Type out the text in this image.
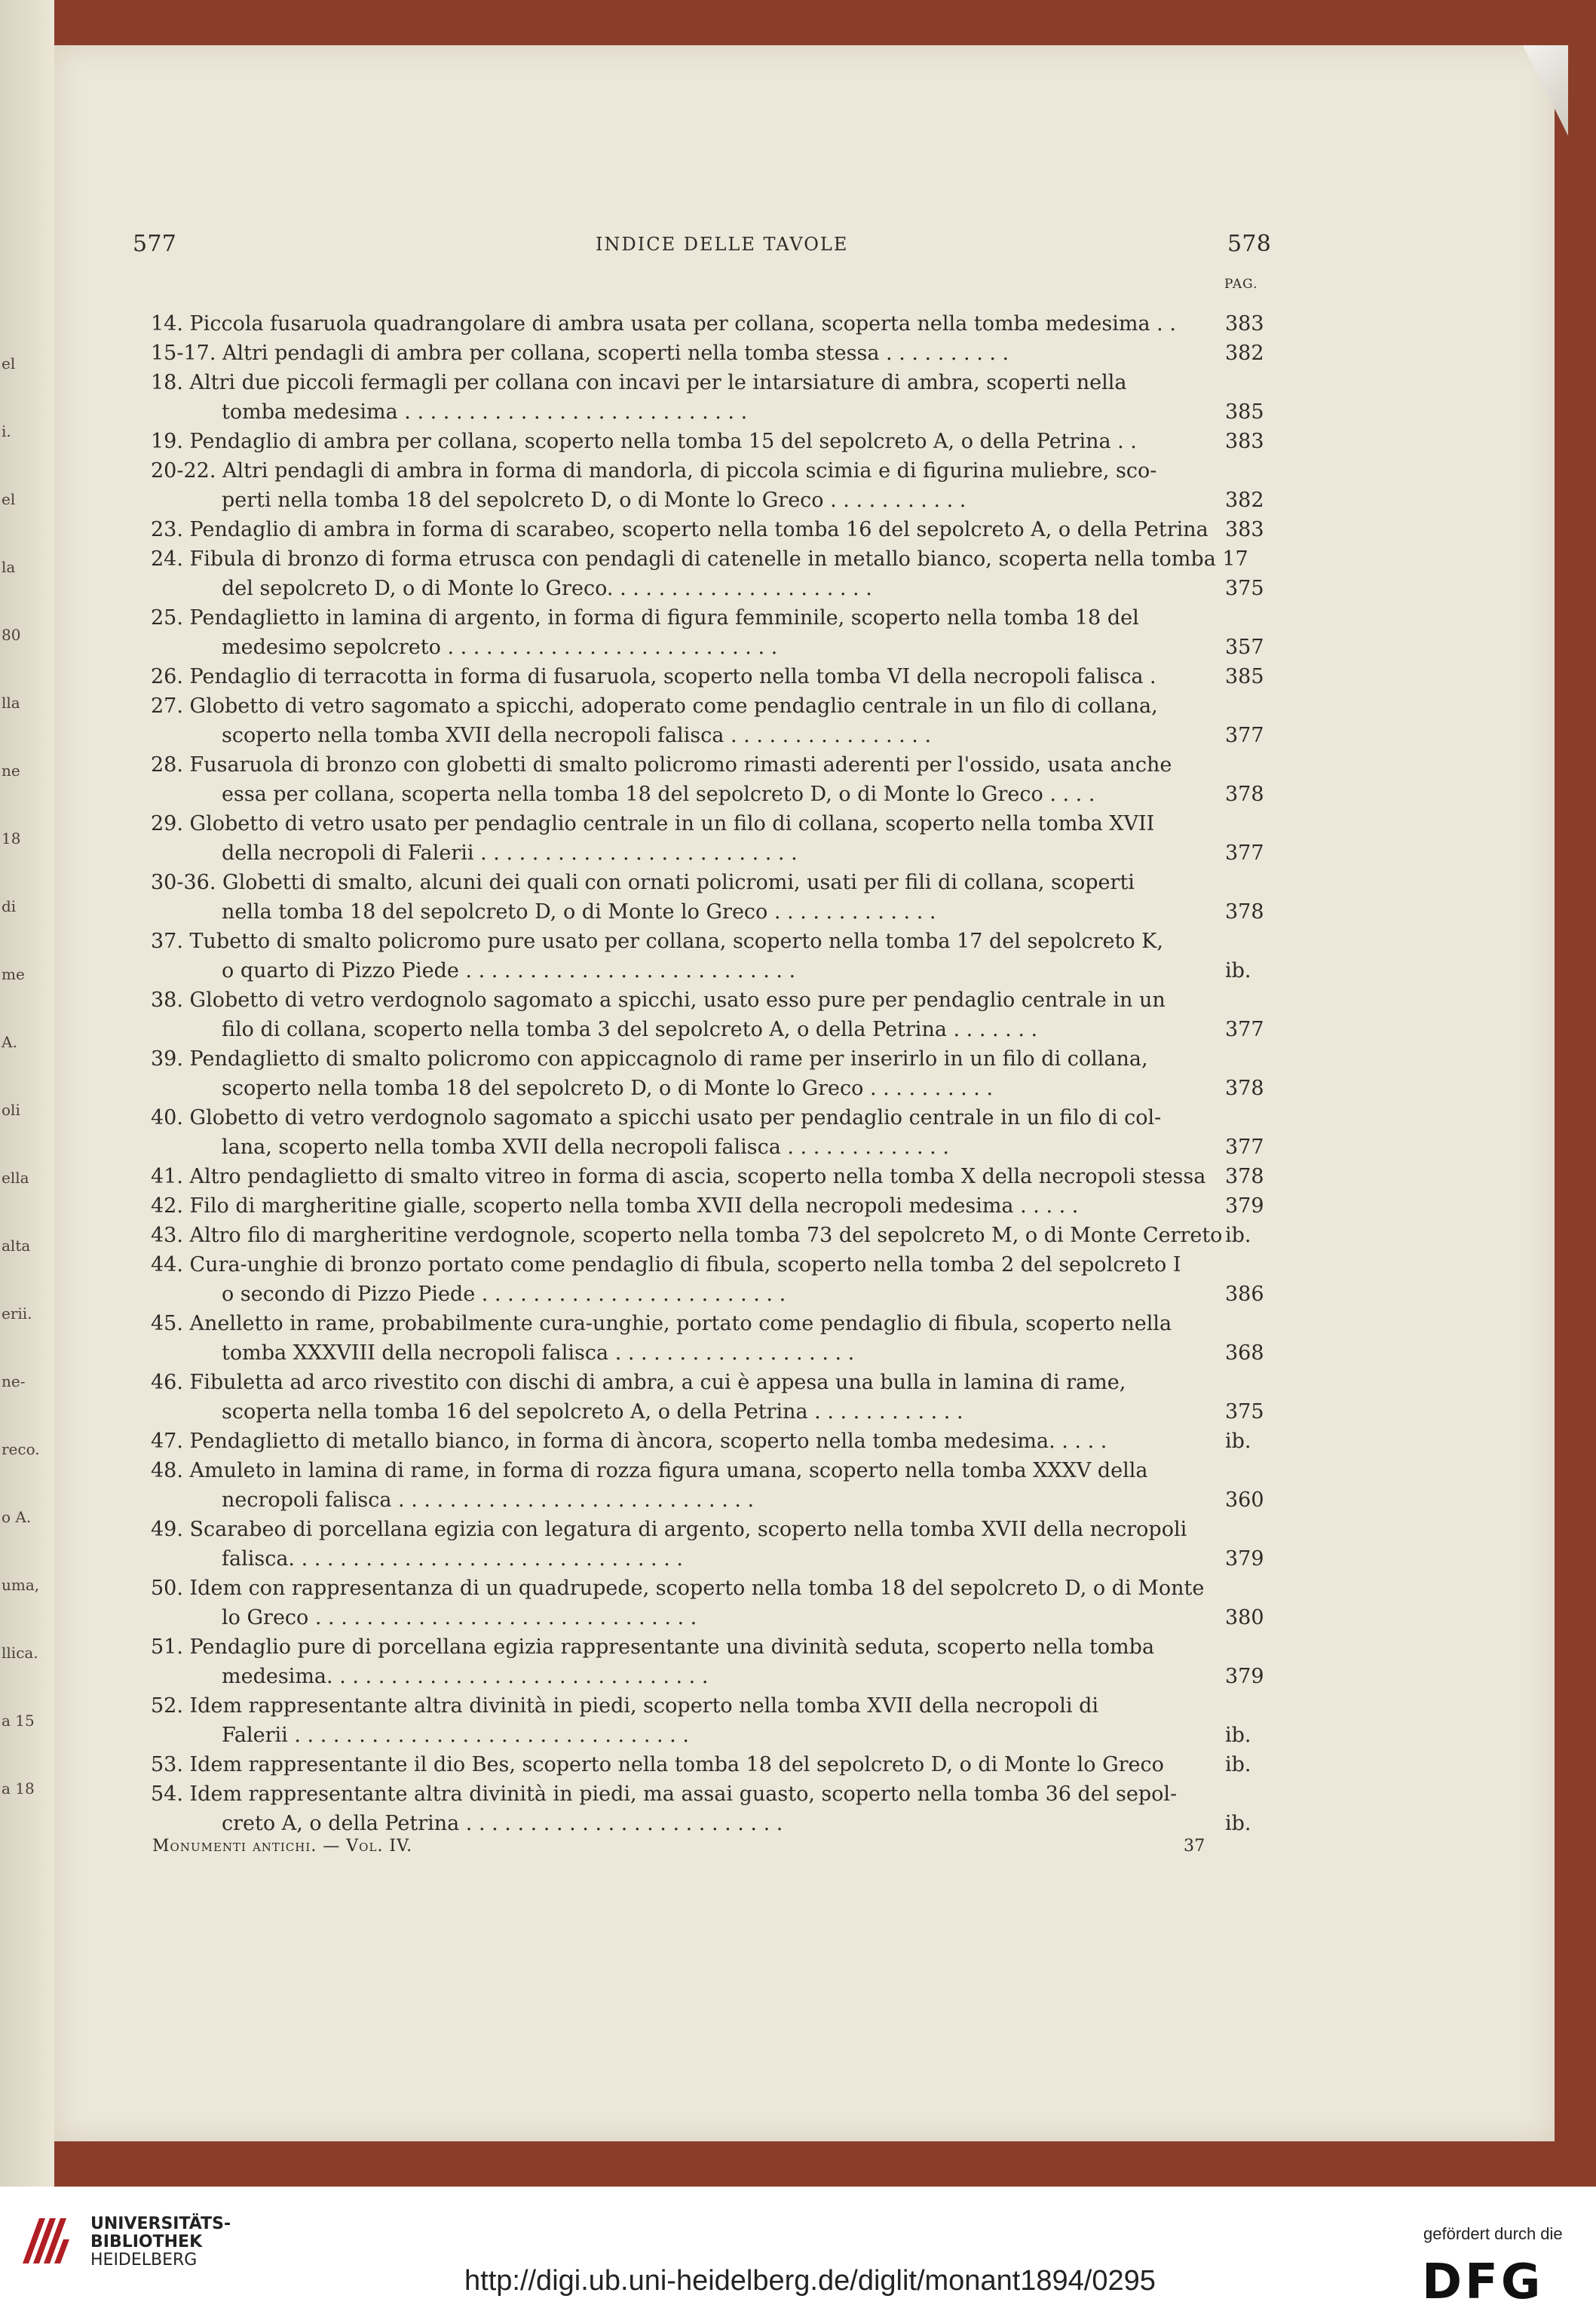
el
i.
el
la
80
lla
ne
18
di
me
A.
oli
ella
alta
erii.
ne-
reco.
o A.
uma,
llica.
a 15
a 18
577	INDICE DELLE TAVOLE	578
PAG.
14. Piccola fusaruola quadrangolare di ambra usata per collana, scoperta nella tomba medesima . . 383
15-17. Altri pendagli di ambra per collana, scoperti nella tomba stessa . . . . . . . . . .	382
18. Altri due piccoli fermagli per collana con incavi per le intarsiature di ambra, scoperti nella
tomba medesima . . . . . . . . . . . . . . . . . . . . . . . . . . .	385
19. Pendaglio di ambra per collana, scoperto nella tomba 15 del sepolcreto A, o della Petrina . .	383
20-22. Altri pendagli di ambra in forma di mandorla, di piccola scimia e di figurina muliebre, sco-
perti nella tomba 18 del sepolcreto D, o di Monte lo Greco . . . . . . . . . . .	382
23. Pendaglio di ambra in forma di scarabeo, scoperto nella tomba 16 del sepolcreto A, o della Petrina 383
24. Fibula di bronzo di forma etrusca con pendagli di catenelle in metallo bianco, scoperta nella tomba 17
del sepolcreto D, o di Monte lo Greco. . . . . . . . . . . . . . . . . . . . .	375
25. Pendaglietto in lamina di argento, in forma di figura femminile, scoperto nella tomba 18 del
medesimo sepolcreto . . . . . . . . . . . . . . . . . . . . . . . . . .	357
26. Pendaglio di terracotta in forma di fusaruola, scoperto nella tomba VI della necropoli falisca .	385
27. Globetto di vetro sagomato a spicchi, adoperato come pendaglio centrale in un filo di collana,
scoperto nella tomba XVII della necropoli falisca . . . . . . . . . . . . . . . .	377
28. Fusaruola di bronzo con globetti di smalto policromo rimasti aderenti per l'ossido, usata anche
essa per collana, scoperta nella tomba 18 del sepolcreto D, o di Monte lo Greco . . . .	378
29. Globetto di vetro usato per pendaglio centrale in un filo di collana, scoperto nella tomba XVII
della necropoli di Falerii . . . . . . . . . . . . . . . . . . . . . . . . .	377
30-36. Globetti di smalto, alcuni dei quali con ornati policromi, usati per fili di collana, scoperti
nella tomba 18 del sepolcreto D, o di Monte lo Greco . . . . . . . . . . . . .	378
37. Tubetto di smalto policromo pure usato per collana, scoperto nella tomba 17 del sepolcreto K,
o quarto di Pizzo Piede . . . . . . . . . . . . . . . . . . . . . . . . . .	ib.
38. Globetto di vetro verdognolo sagomato a spicchi, usato esso pure per pendaglio centrale in un
filo di collana, scoperto nella tomba 3 del sepolcreto A, o della Petrina . . . . . . .	377
39. Pendaglietto di smalto policromo con appiccagnolo di rame per inserirlo in un filo di collana,
scoperto nella tomba 18 del sepolcreto D, o di Monte lo Greco . . . . . . . . . .	378
40. Globetto di vetro verdognolo sagomato a spicchi usato per pendaglio centrale in un filo di col-
lana, scoperto nella tomba XVII della necropoli falisca . . . . . . . . . . . . .	377
41. Altro pendaglietto di smalto vitreo in forma di ascia, scoperto nella tomba X della necropoli stessa 378
42. Filo di margheritine gialle, scoperto nella tomba XVII della necropoli medesima . . . . .	379
43. Altro filo di margheritine verdognole, scoperto nella tomba 73 del sepolcreto M, o di Monte Cerreto ib.
44. Cura-unghie di bronzo portato come pendaglio di fibula, scoperto nella tomba 2 del sepolcreto I
o secondo di Pizzo Piede . . . . . . . . . . . . . . . . . . . . . . . .	386
45. Anelletto in rame, probabilmente cura-unghie, portato come pendaglio di fibula, scoperto nella
tomba XXXVIII della necropoli falisca . . . . . . . . . . . . . . . . . . .	368
46. Fibuletta ad arco rivestito con dischi di ambra, a cui è appesa una bulla in lamina di rame,
scoperta nella tomba 16 del sepolcreto A, o della Petrina . . . . . . . . . . . .	375
47. Pendaglietto di metallo bianco, in forma di àncora, scoperto nella tomba medesima. . . . .	ib.
48. Amuleto in lamina di rame, in forma di rozza figura umana, scoperto nella tomba XXXV della
necropoli falisca . . . . . . . . . . . . . . . . . . . . . . . . . . . .	360
49. Scarabeo di porcellana egizia con legatura di argento, scoperto nella tomba XVII della necropoli
falisca. . . . . . . . . . . . . . . . . . . . . . . . . . . . . . .	379
50. Idem con rappresentanza di un quadrupede, scoperto nella tomba 18 del sepolcreto D, o di Monte
lo Greco . . . . . . . . . . . . . . . . . . . . . . . . . . . . . .	380
51. Pendaglio pure di porcellana egizia rappresentante una divinità seduta, scoperto nella tomba
medesima. . . . . . . . . . . . . . . . . . . . . . . . . . . . . .	379
52. Idem rappresentante altra divinità in piedi, scoperto nella tomba XVII della necropoli di
Falerii . . . . . . . . . . . . . . . . . . . . . . . . . . . . . . .	ib.
53. Idem rappresentante il dio Bes, scoperto nella tomba 18 del sepolcreto D, o di Monte lo Greco	ib.
54. Idem rappresentante altra divinità in piedi, ma assai guasto, scoperto nella tomba 36 del sepol-
creto A, o della Petrina . . . . . . . . . . . . . . . . . . . . . . . . .	ib.
Monumenti antichi. — Vol. IV.	37
UNIVERSITÄTS-
BIBLIOTHEK
HEIDELBERG
http://digi.ub.uni-heidelberg.de/diglit/monant1894/0295
gefördert durch die
DFG
